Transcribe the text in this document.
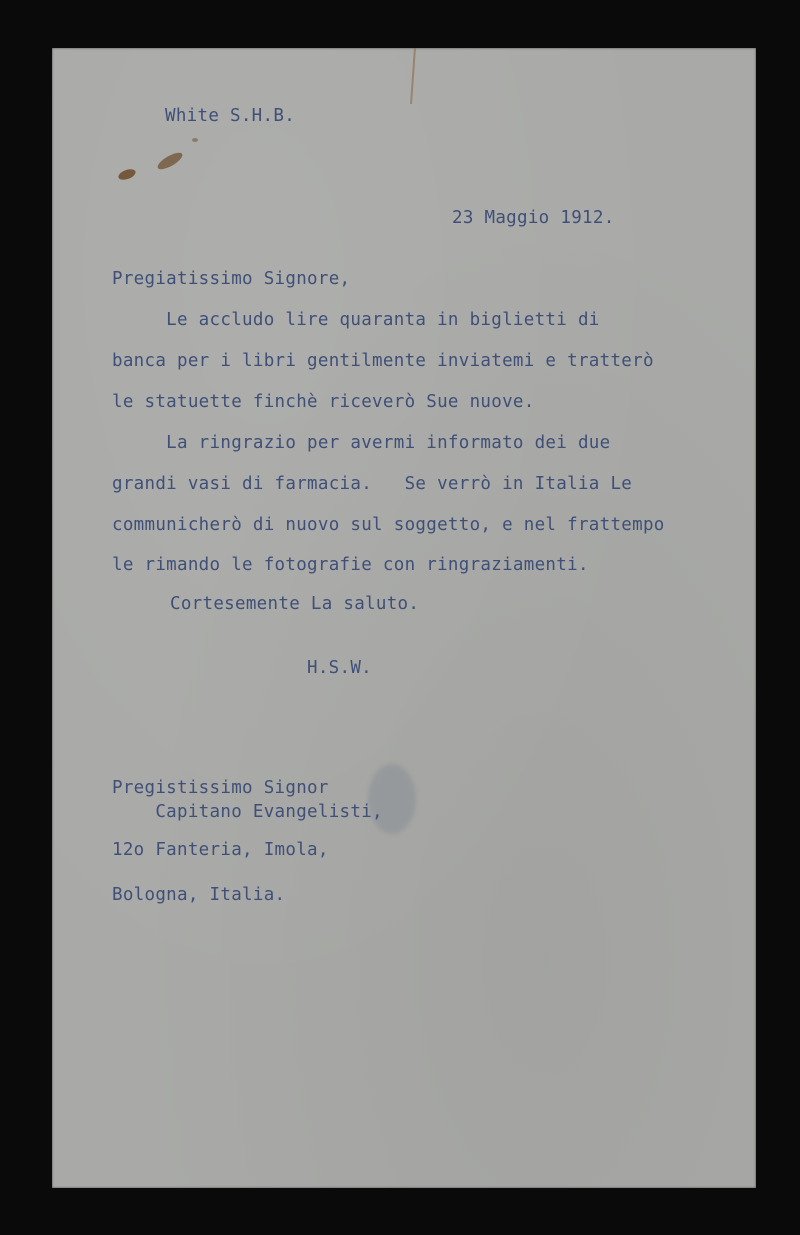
White S.H.B.
23 Maggio 1912.
Pregiatissimo Signore,
Le accludo lire quaranta in biglietti di
banca per i libri gentilmente inviatemi e tratterò
le statuette finchè riceverò Sue nuove.
La ringrazio per avermi informato dei due
grandi vasi di farmacia.   Se verrò in Italia Le
communicherò di nuovo sul soggetto, e nel frattempo
le rimando le fotografie con ringraziamenti.
Cortesemente La saluto.
H.S.W.
Pregistissimo Signor
Capitano Evangelisti,
12o Fanteria, Imola,
Bologna, Italia.
